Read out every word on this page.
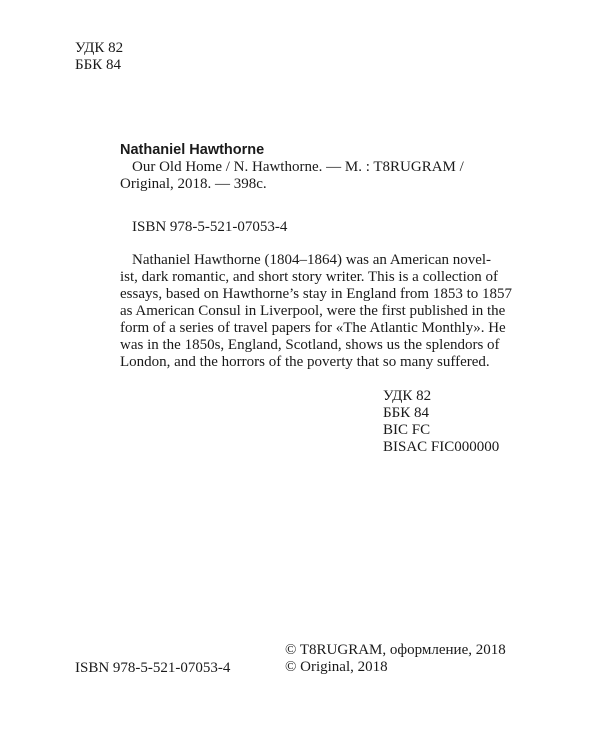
УДК 82
ББК 84
Nathaniel Hawthorne
Our Old Home / N. Hawthorne. — M. : T8RUGRAM /
Original, 2018. — 398c.
ISBN 978-5-521-07053-4
Nathaniel Hawthorne (1804–1864) was an American novel-
ist, dark romantic, and short story writer. This is a collection of
essays, based on Hawthorne’s stay in England from 1853 to 1857
as American Consul in Liverpool, were the first published in the
form of a series of travel papers for «The Atlantic Monthly». He
was in the 1850s, England, Scotland, shows us the splendors of
London, and the horrors of the poverty that so many suffered.
УДК 82
ББК 84
BIC FC
BISAC FIC000000
© T8RUGRAM, оформление, 2018
© Original, 2018
ISBN 978-5-521-07053-4
